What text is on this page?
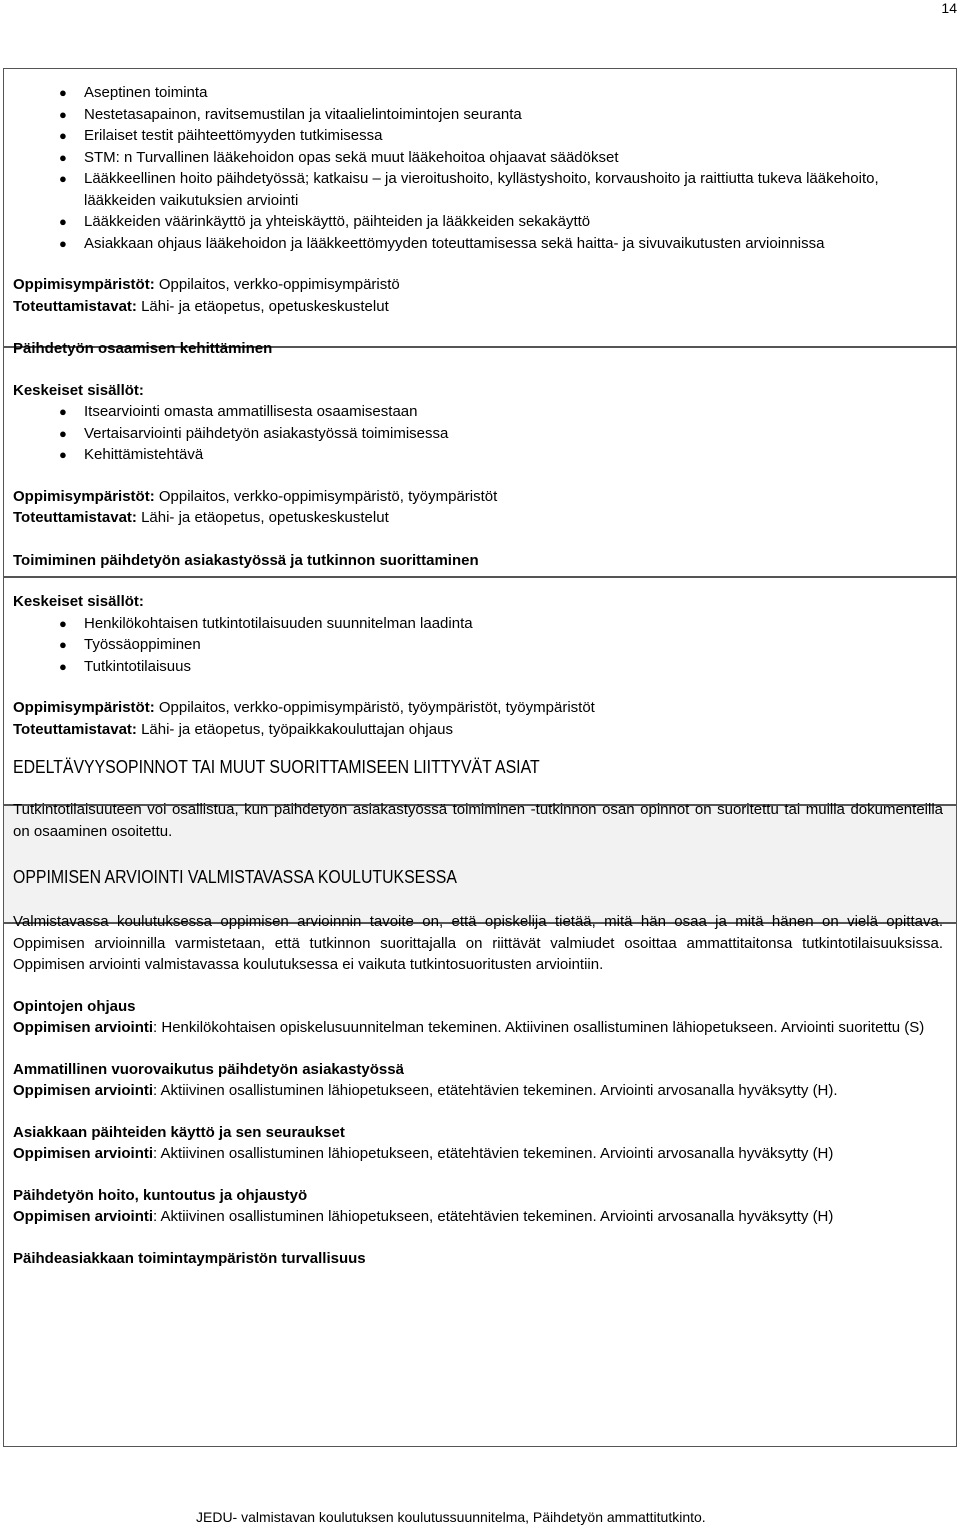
14
● Aseptinen toiminta
● Nestetasapainon, ravitsemustilan ja vitaalielintoimintojen seuranta
● Erilaiset testit päihteettömyyden tutkimisessa
● STM: n Turvallinen lääkehoidon opas sekä muut lääkehoitoa ohjaavat säädökset
● Lääkkeellinen hoito päihdetyössä; katkaisu – ja vieroitushoito, kyllästyshoito, korvaushoito ja raittiutta tukeva lääkehoito, lääkkeiden vaikutuksien arviointi
● Lääkkeiden väärinkäyttö ja yhteiskäyttö, päihteiden ja lääkkeiden sekakäyttö
● Asiakkaan ohjaus lääkehoidon ja lääkkeettömyyden toteuttamisessa sekä haitta- ja sivuvaikutusten arvioinnissa

Oppimisympäristöt: Oppilaitos, verkko-oppimisympäristö

Toteuttamistavat: Lähi- ja etäopetus, opetuskeskustelut

Päihdetyön osaamisen kehittäminen

Keskeiset sisällöt:

● Itsearviointi omasta ammatillisesta osaamisestaan
● Vertaisarviointi päihdetyön asiakastyössä toimimisessa
● Kehittämistehtävä

Oppimisympäristöt: Oppilaitos, verkko-oppimisympäristö, työympäristöt

Toteuttamistavat: Lähi- ja etäopetus, opetuskeskustelut

Toimiminen päihdetyön asiakastyössä ja tutkinnon suorittaminen

Keskeiset sisällöt:

● Henkilökohtaisen tutkintotilaisuuden suunnitelman laadinta
● Työssäoppiminen
● Tutkintotilaisuus

Oppimisympäristöt: Oppilaitos, verkko-oppimisympäristö, työympäristöt, työympäristöt

Toteuttamistavat: Lähi- ja etäopetus, työpaikkakouluttajan ohjaus

EDELTÄVYYSOPINNOT TAI MUUT SUORITTAMISEEN LIITTYVÄT ASIAT

Tutkintotilaisuuteen voi osallistua, kun päihdetyön asiakastyössä toimiminen -tutkinnon osan opinnot on suoritettu tai muilla dokumenteilla on osaaminen osoitettu.

OPPIMISEN ARVIOINTI VALMISTAVASSA KOULUTUKSESSA

Valmistavassa koulutuksessa oppimisen arvioinnin tavoite on, että opiskelija tietää, mitä hän osaa ja mitä hänen on vielä opittava. Oppimisen arvioinnilla varmistetaan, että tutkinnon suorittajalla on riittävät valmiudet osoittaa ammattitaitonsa tutkintotilaisuuksissa. Oppimisen arviointi valmistavassa koulutuksessa ei vaikuta tutkintosuoritusten arviointiin.

Opintojen ohjaus

Oppimisen arviointi: Henkilökohtaisen opiskelusuunnitelman tekeminen. Aktiivinen osallistuminen lähiopetukseen. Arviointi suoritettu (S)

Ammatillinen vuorovaikutus päihdetyön asiakastyössä

Oppimisen arviointi: Aktiivinen osallistuminen lähiopetukseen, etätehtävien tekeminen. Arviointi arvosanalla hyväksytty (H).

Asiakkaan päihteiden käyttö ja sen seuraukset

Oppimisen arviointi: Aktiivinen osallistuminen lähiopetukseen, etätehtävien tekeminen. Arviointi arvosanalla hyväksytty (H)

Päihdetyön hoito, kuntoutus ja ohjaustyö

Oppimisen arviointi: Aktiivinen osallistuminen lähiopetukseen, etätehtävien tekeminen. Arviointi arvosanalla hyväksytty (H)

Päihdeasiakkaan toimintaympäristön turvallisuus
JEDU- valmistavan koulutuksen koulutussuunnitelma, Päihdetyön ammattitutkinto.
